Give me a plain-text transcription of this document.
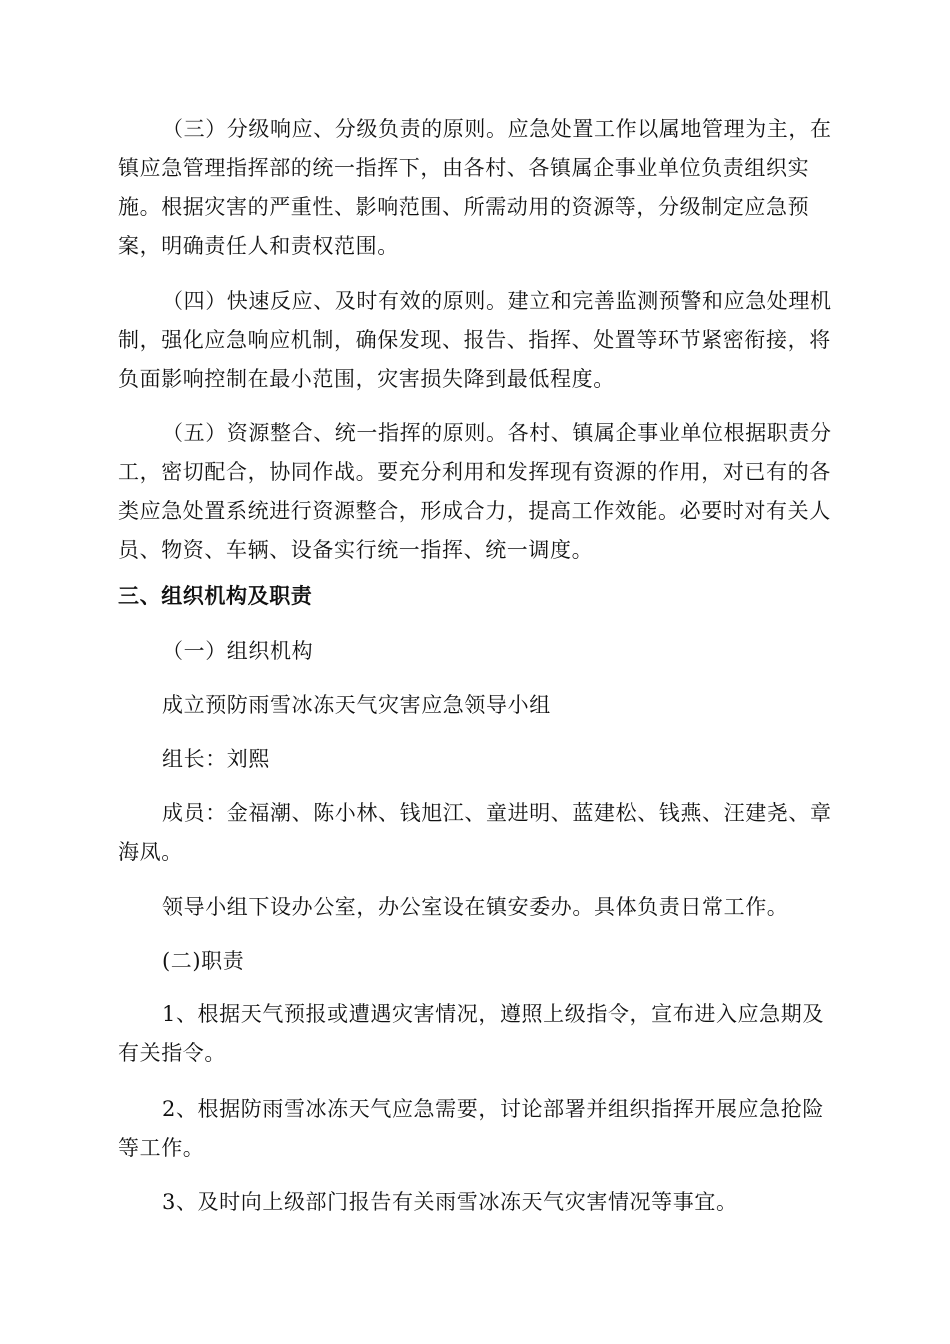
（三）分级响应、分级负责的原则。应急处置工作以属地管理为主，在镇应急管理指挥部的统一指挥下，由各村、各镇属企事业单位负责组织实施。根据灾害的严重性、影响范围、所需动用的资源等，分级制定应急预案，明确责任人和责权范围。

（四）快速反应、及时有效的原则。建立和完善监测预警和应急处理机制，强化应急响应机制，确保发现、报告、指挥、处置等环节紧密衔接，将负面影响控制在最小范围，灾害损失降到最低程度。

（五）资源整合、统一指挥的原则。各村、镇属企事业单位根据职责分工，密切配合，协同作战。要充分利用和发挥现有资源的作用，对已有的各类应急处置系统进行资源整合，形成合力，提高工作效能。必要时对有关人员、物资、车辆、设备实行统一指挥、统一调度。

三、组织机构及职责

（一）组织机构

成立预防雨雪冰冻天气灾害应急领导小组

组长：刘熙

成员：金福潮、陈小林、钱旭江、童进明、蓝建松、钱燕、汪建尧、章海凤。

领导小组下设办公室，办公室设在镇安委办。具体负责日常工作。

(二)职责

1、根据天气预报或遭遇灾害情况，遵照上级指令，宣布进入应急期及有关指令。

2、根据防雨雪冰冻天气应急需要，讨论部署并组织指挥开展应急抢险等工作。

3、及时向上级部门报告有关雨雪冰冻天气灾害情况等事宜。
